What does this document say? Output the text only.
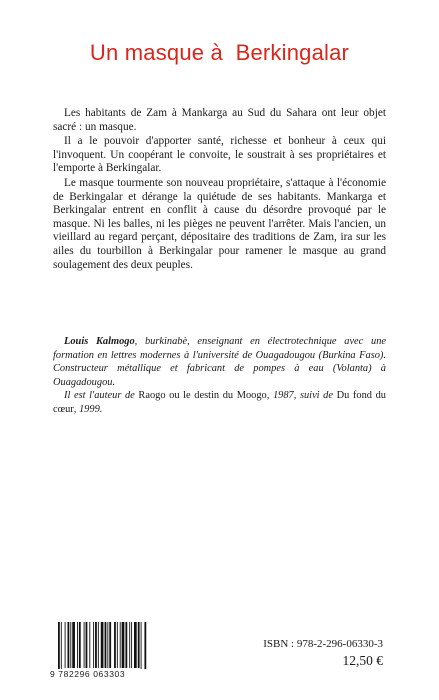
Un masque à  Berkingalar

Les habitants de Zam à Mankarga au Sud du Sahara ont leur objet sacré : un masque.

Il a le pouvoir d'apporter santé, richesse et bonheur à ceux qui l'invoquent. Un coopérant le convoite, le soustrait à ses propriétaires et l'emporte à Berkingalar.

Le masque tourmente son nouveau propriétaire, s'attaque à l'économie de Berkingalar et dérange la quiétude de ses habitants. Mankarga et Berkingalar entrent en conflit à cause du désordre provoqué par le masque. Ni les balles, ni les pièges ne peuvent l'arrêter. Mais l'ancien, un vieillard au regard perçant, dépositaire des traditions de Zam, ira sur les ailes du tourbillon à Berkingalar pour ramener le masque au grand soulagement des deux peuples.

Louis Kalmogo, burkinabè, enseignant en électrotechnique avec une formation en lettres modernes à l'université de Ouagadougou (Burkina Faso). Constructeur métallique et fabricant de pompes à eau (Volanta) à Ouagadougou.

Il est l'auteur de Raogo ou le destin du Moogo, 1987, suivi de Du fond du cœur, 1999.

9 782296 063303
ISBN : 978-2-296-06330-3
12,50 €
